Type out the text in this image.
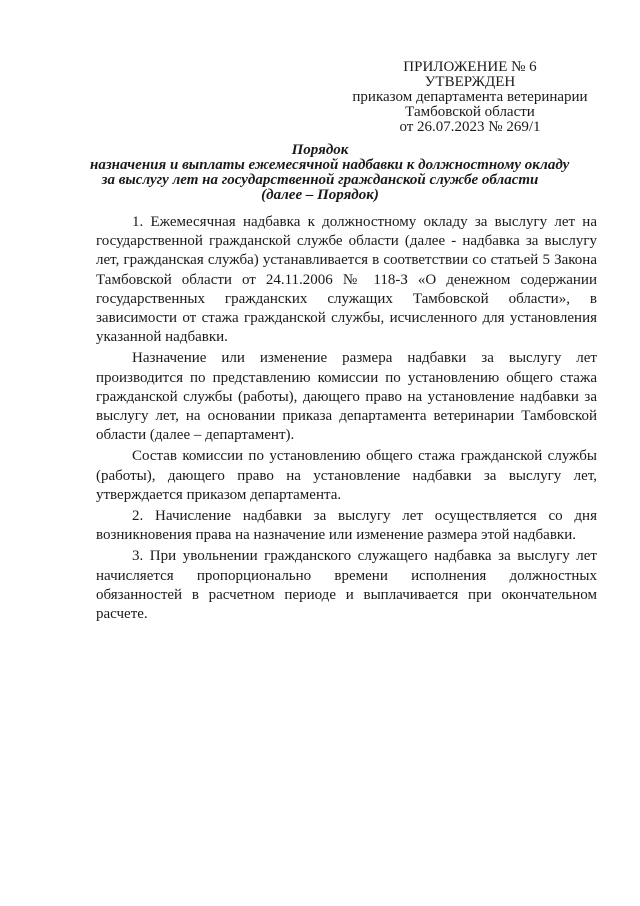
ПРИЛОЖЕНИЕ № 6
УТВЕРЖДЕН
приказом департамента ветеринарии
Тамбовской области
от 26.07.2023 № 269/1
Порядок
назначения и выплаты ежемесячной надбавки к должностному окладу
за выслугу лет на государственной гражданской службе области
(далее – Порядок)

1. Ежемесячная надбавка к должностному окладу за выслугу лет на государственной гражданской службе области (далее - надбавка за выслугу лет, гражданская служба) устанавливается в соответствии со статьей 5 Закона Тамбовской области от 24.11.2006 № 118-З «О денежном содержании государственных гражданских служащих Тамбовской области», в зависимости от стажа гражданской службы, исчисленного для установления указанной надбавки.

Назначение или изменение размера надбавки за выслугу лет производится по представлению комиссии по установлению общего стажа гражданской службы (работы), дающего право на установление надбавки за выслугу лет, на основании приказа департамента ветеринарии Тамбовской области (далее – департамент).

Состав комиссии по установлению общего стажа гражданской службы (работы), дающего право на установление надбавки за выслугу лет, утверждается приказом департамента.

2. Начисление надбавки за выслугу лет осуществляется со дня возникновения права на назначение или изменение размера этой надбавки.

3. При увольнении гражданского служащего надбавка за выслугу лет начисляется пропорционально времени исполнения должностных обязанностей в расчетном периоде и выплачивается при окончательном расчете.
